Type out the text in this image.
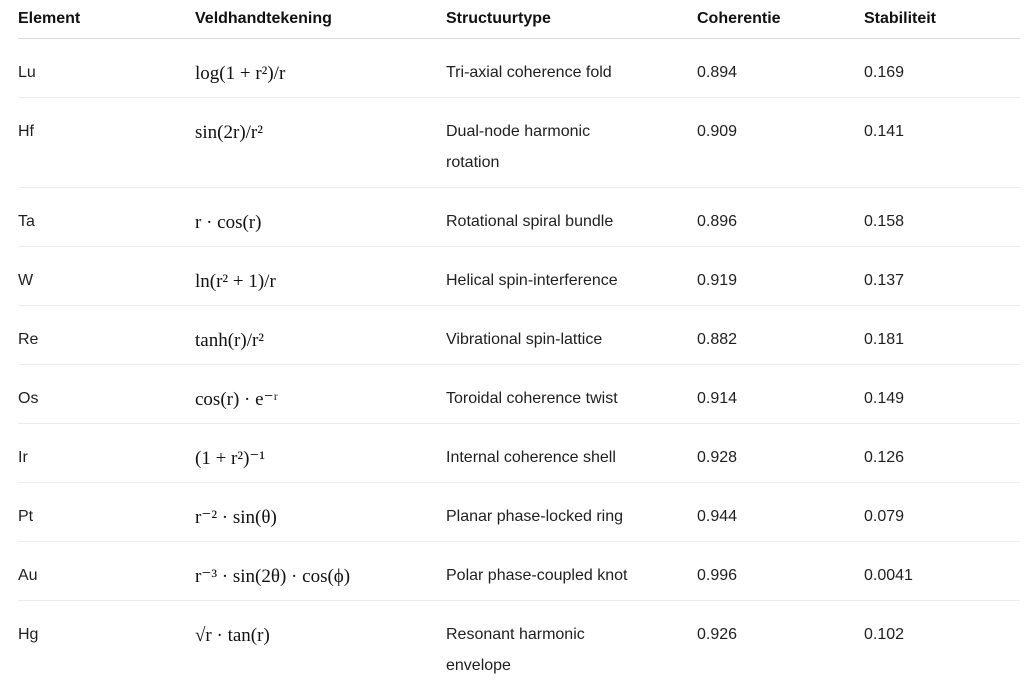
Element	Veldhandtekening	Structuurtype	Coherentie	Stabiliteit

Lu	log(1 + r²)/r	Tri-axial coherence fold	0.894	0.169

Hf	sin(2r)/r²	Dual-node harmonic rotation	0.909	0.141

Ta	r · cos(r)	Rotational spiral bundle	0.896	0.158

W	ln(r² + 1)/r	Helical spin-interference	0.919	0.137

Re	tanh(r)/r²	Vibrational spin-lattice	0.882	0.181

Os	cos(r) · e⁻ʳ	Toroidal coherence twist	0.914	0.149

Ir	(1 + r²)⁻¹	Internal coherence shell	0.928	0.126

Pt	r⁻² · sin(θ)	Planar phase-locked ring	0.944	0.079

Au	r⁻³ · sin(2θ) · cos(ϕ)	Polar phase-coupled knot	0.996	0.0041

Hg	√r · tan(r)	Resonant harmonic envelope	0.926	0.102
